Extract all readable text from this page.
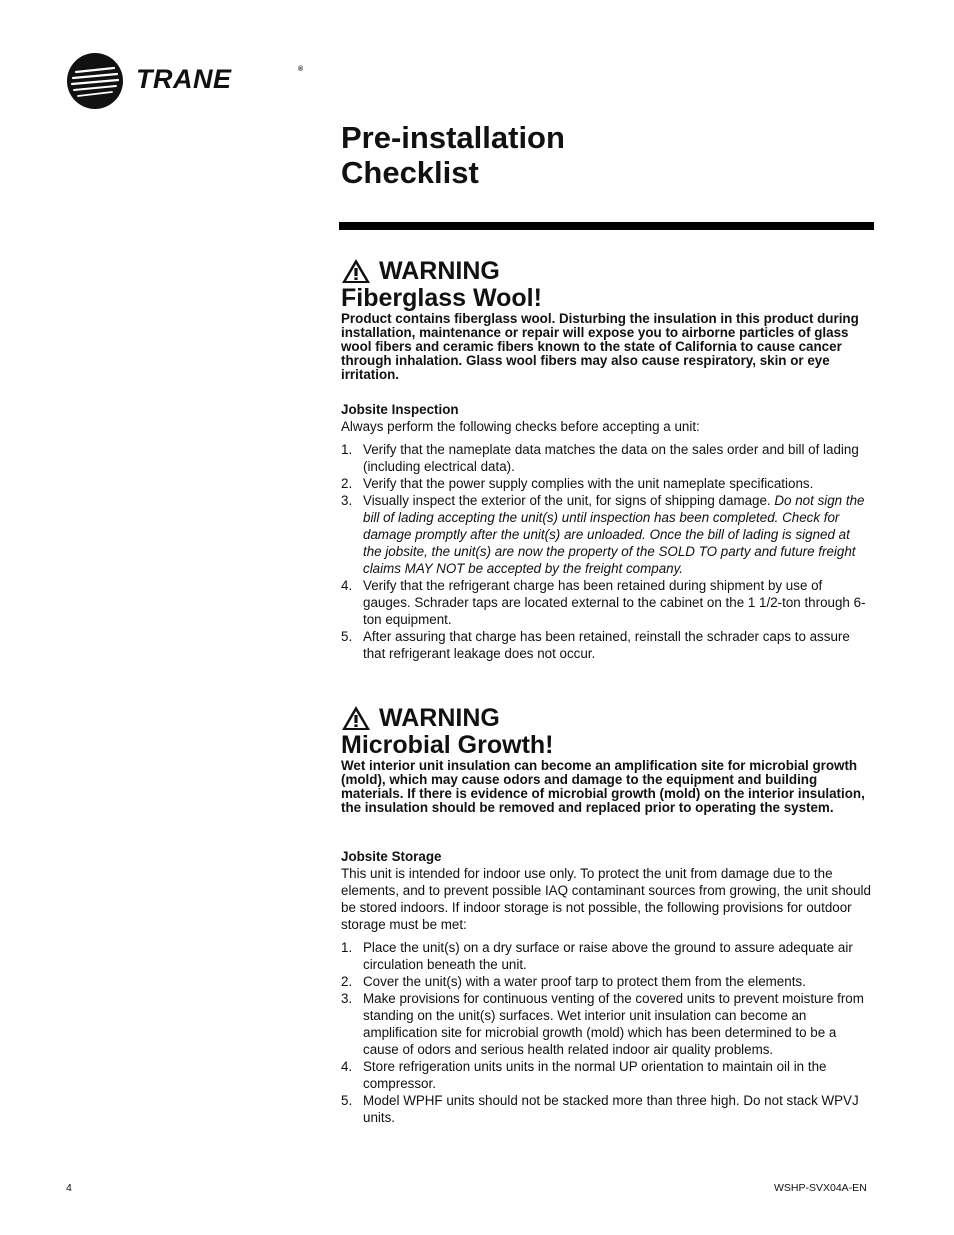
TRANE	®
Pre-installation
Checklist
WARNING
Fiberglass Wool!

Product contains fiberglass wool. Disturbing the insulation in this product during installation, maintenance or repair will expose you to airborne particles of glass wool fibers and ceramic fibers known to the state of California to cause cancer through inhalation. Glass wool fibers may also cause respiratory, skin or eye irritation.

Jobsite Inspection

Always perform the following checks before accepting a unit:

1. Verify that the nameplate data matches the data on the sales order and bill of lading (including electrical data).
2. Verify that the power supply complies with the unit nameplate specifications.
3. Visually inspect the exterior of the unit, for signs of shipping damage. Do not sign the bill of lading accepting the unit(s) until inspection has been completed. Check for damage promptly after the unit(s) are unloaded. Once the bill of lading is signed at the jobsite, the unit(s) are now the property of the SOLD TO party and future freight claims MAY NOT be accepted by the freight company.
4. Verify that the refrigerant charge has been retained during shipment by use of gauges. Schrader taps are located external to the cabinet on the 1 1/2-ton through 6-ton equipment.
5. After assuring that charge has been retained, reinstall the schrader caps to assure that refrigerant leakage does not occur.
WARNING
Microbial Growth!

Wet interior unit insulation can become an amplification site for microbial growth (mold), which may cause odors and damage to the equipment and building materials. If there is evidence of microbial growth (mold) on the interior insulation, the insulation should be removed and replaced prior to operating the system.

Jobsite Storage

This unit is intended for indoor use only. To protect the unit from damage due to the elements, and to prevent possible IAQ contaminant sources from growing, the unit should be stored indoors. If indoor storage is not possible, the following provisions for outdoor storage must be met:

1. Place the unit(s) on a dry surface or raise above the ground to assure adequate air circulation beneath the unit.
2. Cover the unit(s) with a water proof tarp to protect them from the elements.
3. Make provisions for continuous venting of the covered units to prevent moisture from standing on the unit(s) surfaces. Wet interior unit insulation can become an amplification site for microbial growth (mold) which has been determined to be a cause of odors and serious health related indoor air quality problems.
4. Store refrigeration units units in the normal UP orientation to maintain oil in the compressor.
5. Model WPHF units should not be stacked more than three high. Do not stack WPVJ units.
4	WSHP-SVX04A-EN
